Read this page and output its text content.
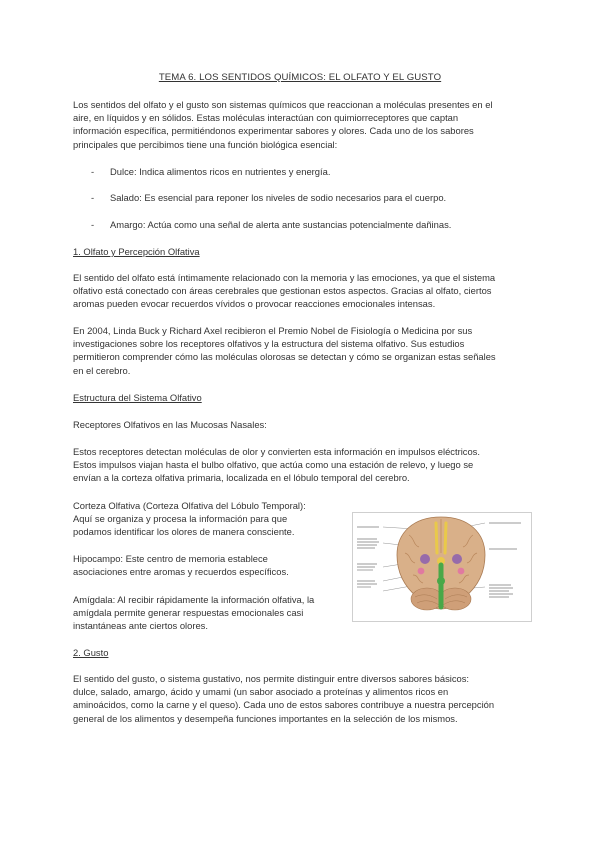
TEMA 6. LOS SENTIDOS QUÍMICOS: EL OLFATO Y EL GUSTO

Los sentidos del olfato y el gusto son sistemas químicos que reaccionan a moléculas presentes en el

aire, en líquidos y en sólidos. Estas moléculas interactúan con quimiorreceptores que captan

información específica, permitiéndonos experimentar sabores y olores. Cada uno de los sabores

principales que percibimos tiene una función biológica esencial:

- Dulce: Indica alimentos ricos en nutrientes y energía.
- Salado: Es esencial para reponer los niveles de sodio necesarios para el cuerpo.
- Amargo: Actúa como una señal de alerta ante sustancias potencialmente dañinas.
1. Olfato y Percepción Olfativa

El sentido del olfato está íntimamente relacionado con la memoria y las emociones, ya que el sistema

olfativo está conectado con áreas cerebrales que gestionan estos aspectos. Gracias al olfato, ciertos

aromas pueden evocar recuerdos vívidos o provocar reacciones emocionales intensas.

En 2004, Linda Buck y Richard Axel recibieron el Premio Nobel de Fisiología o Medicina por sus

investigaciones sobre los receptores olfativos y la estructura del sistema olfativo. Sus estudios

permitieron comprender cómo las moléculas olorosas se detectan y cómo se organizan estas señales

en el cerebro.

Estructura del Sistema Olfativo
Receptores Olfativos en las Mucosas Nasales:

Estos receptores detectan moléculas de olor y convierten esta información en impulsos eléctricos.

Estos impulsos viajan hasta el bulbo olfativo, que actúa como una estación de relevo, y luego se

envían a la corteza olfativa primaria, localizada en el lóbulo temporal del cerebro.

Corteza Olfativa (Corteza Olfativa del Lóbulo Temporal):

Aquí se organiza y procesa la información para que

podamos identificar los olores de manera consciente.

Hipocampo: Este centro de memoria establece

asociaciones entre aromas y recuerdos específicos.

Amígdala: Al recibir rápidamente la información olfativa, la

amígdala permite generar respuestas emocionales casi

instantáneas ante ciertos olores.

2. Gusto

El sentido del gusto, o sistema gustativo, nos permite distinguir entre diversos sabores básicos:

dulce, salado, amargo, ácido y umami (un sabor asociado a proteínas y alimentos ricos en

aminoácidos, como la carne y el queso). Cada uno de estos sabores contribuye a nuestra percepción

general de los alimentos y desempeña funciones importantes en la selección de los mismos.
